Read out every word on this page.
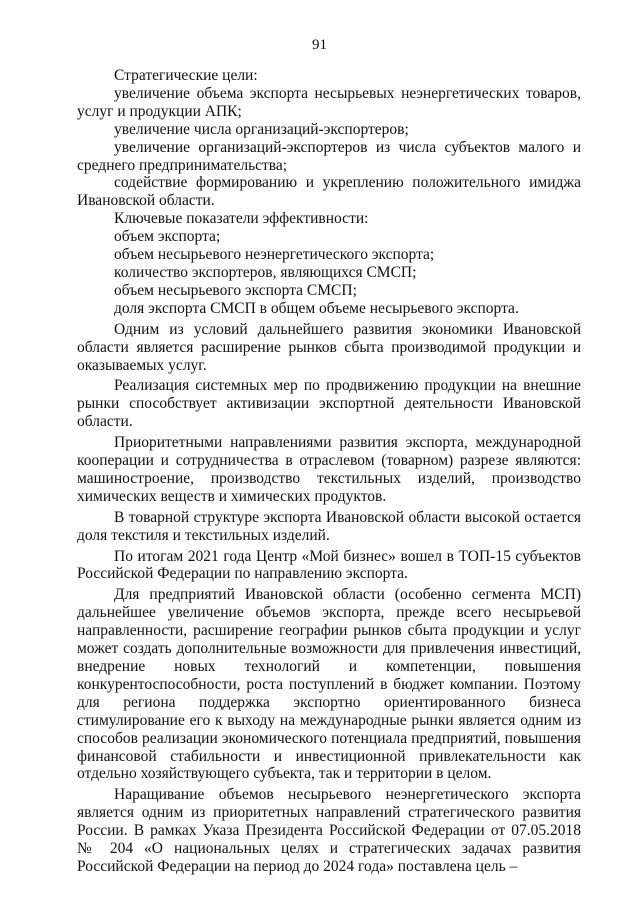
91

Стратегические цели:

увеличение объема экспорта несырьевых неэнергетических товаров, услуг и продукции АПК;

увеличение числа организаций-экспортеров;

увеличение организаций-экспортеров из числа субъектов малого и среднего предпринимательства;

содействие формированию и укреплению положительного имиджа Ивановской области.

Ключевые показатели эффективности:

объем экспорта;

объем несырьевого неэнергетического экспорта;

количество экспортеров, являющихся СМСП;

объем несырьевого экспорта СМСП;

доля экспорта СМСП в общем объеме несырьевого экспорта.

Одним из условий дальнейшего развития экономики Ивановской области является расширение рынков сбыта производимой продукции и оказываемых услуг.

Реализация системных мер по продвижению продукции на внешние рынки способствует активизации экспортной деятельности Ивановской области.

Приоритетными направлениями развития экспорта, международной кооперации и сотрудничества в отраслевом (товарном) разрезе являются: машиностроение, производство текстильных изделий, производство химических веществ и химических продуктов.

В товарной структуре экспорта Ивановской области высокой остается доля текстиля и текстильных изделий.

По итогам 2021 года Центр «Мой бизнес» вошел в ТОП-15 субъектов Российской Федерации по направлению экспорта.

Для предприятий Ивановской области (особенно сегмента МСП) дальнейшее увеличение объемов экспорта, прежде всего несырьевой направленности, расширение географии рынков сбыта продукции и услуг может создать дополнительные возможности для привлечения инвестиций, внедрение новых технологий и компетенции, повышения конкурентоспособности, роста поступлений в бюджет компании. Поэтому для региона поддержка экспортно ориентированного бизнеса стимулирование его к выходу на международные рынки является одним из способов реализации экономического потенциала предприятий, повышения финансовой стабильности и инвестиционной привлекательности как отдельно хозяйствующего субъекта, так и территории в целом.

Наращивание объемов несырьевого неэнергетического экспорта является одним из приоритетных направлений стратегического развития России. В рамках Указа Президента Российской Федерации от 07.05.2018 № 204 «О национальных целях и стратегических задачах развития Российской Федерации на период до 2024 года» поставлена цель –
